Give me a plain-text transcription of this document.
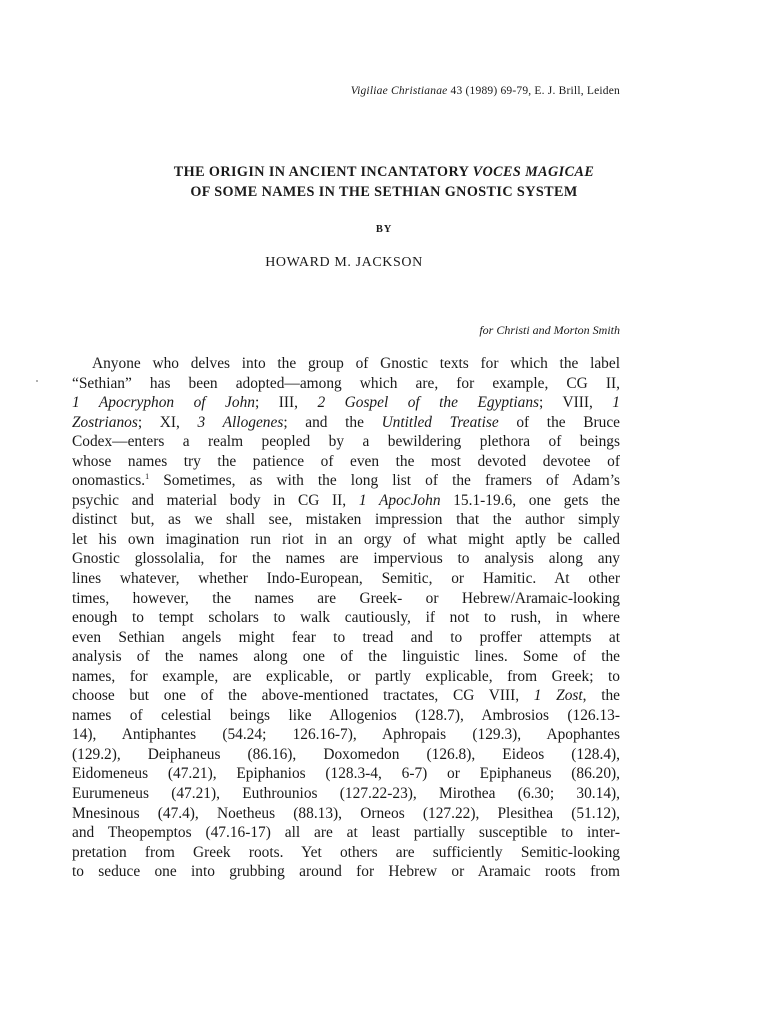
Vigiliae Christianae 43 (1989) 69-79, E. J. Brill, Leiden
THE ORIGIN IN ANCIENT INCANTATORY VOCES MAGICAE
OF SOME NAMES IN THE SETHIAN GNOSTIC SYSTEM
BY
HOWARD M. JACKSON
for Christi and Morton Smith
Anyone who delves into the group of Gnostic texts for which the label
“Sethian” has been adopted—among which are, for example, CG II,
1 Apocryphon of John; III, 2 Gospel of the Egyptians; VIII, 1
Zostrianos; XI, 3 Allogenes; and the Untitled Treatise of the Bruce
Codex—enters a realm peopled by a bewildering plethora of beings
whose names try the patience of even the most devoted devotee of
onomastics.$^1$ Sometimes, as with the long list of the framers of Adam’s
psychic and material body in CG II, 1 ApocJohn 15.1-19.6, one gets the
distinct but, as we shall see, mistaken impression that the author simply
let his own imagination run riot in an orgy of what might aptly be called
Gnostic glossolalia, for the names are impervious to analysis along any
lines whatever, whether Indo-European, Semitic, or Hamitic. At other
times, however, the names are Greek- or Hebrew/Aramaic-looking
enough to tempt scholars to walk cautiously, if not to rush, in where
even Sethian angels might fear to tread and to proffer attempts at
analysis of the names along one of the linguistic lines. Some of the
names, for example, are explicable, or partly explicable, from Greek; to
choose but one of the above-mentioned tractates, CG VIII, 1 Zost, the
names of celestial beings like Allogenios (128.7), Ambrosios (126.13-
14), Antiphantes (54.24; 126.16-7), Aphropais (129.3), Apophantes
(129.2), Deiphaneus (86.16), Doxomedon (126.8), Eideos (128.4),
Eidomeneus (47.21), Epiphanios (128.3-4, 6-7) or Epiphaneus (86.20),
Eurumeneus (47.21), Euthrounios (127.22-23), Mirothea (6.30; 30.14),
Mnesinous (47.4), Noetheus (88.13), Orneos (127.22), Plesithea (51.12),
and Theopemptos (47.16-17) all are at least partially susceptible to inter-
pretation from Greek roots. Yet others are sufficiently Semitic-looking
to seduce one into grubbing around for Hebrew or Aramaic roots from
